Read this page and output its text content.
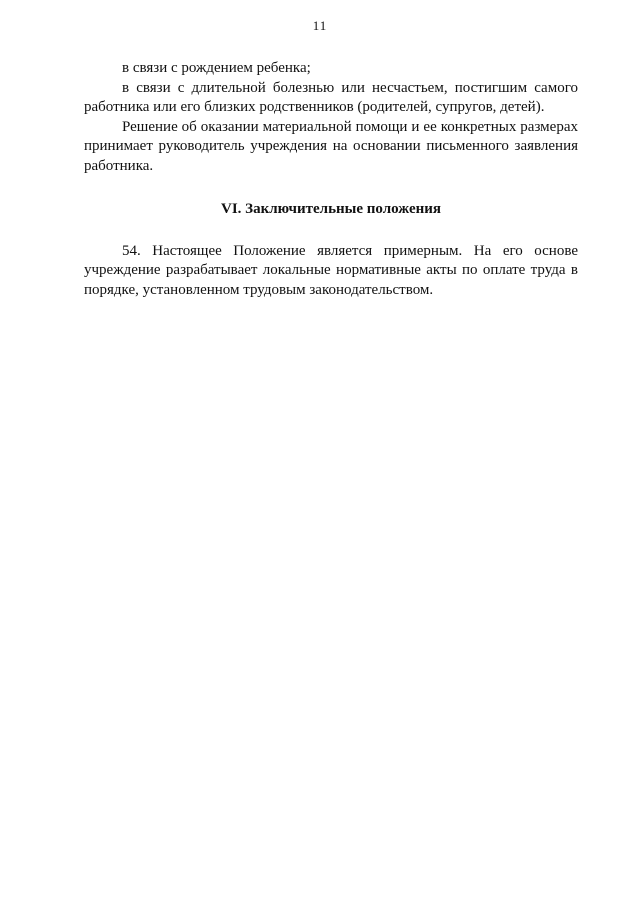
11

в связи с рождением ребенка;

в связи с длительной болезнью или несчастьем, постигшим самого работника или его близких родственников (родителей, супругов, детей).

Решение об оказании материальной помощи и ее конкретных размерах принимает руководитель учреждения на основании письменного заявления работника.

VI. Заключительные положения

54. Настоящее Положение является примерным. На его основе учреждение разрабатывает локальные нормативные акты по оплате труда в порядке, установленном трудовым законодательством.
